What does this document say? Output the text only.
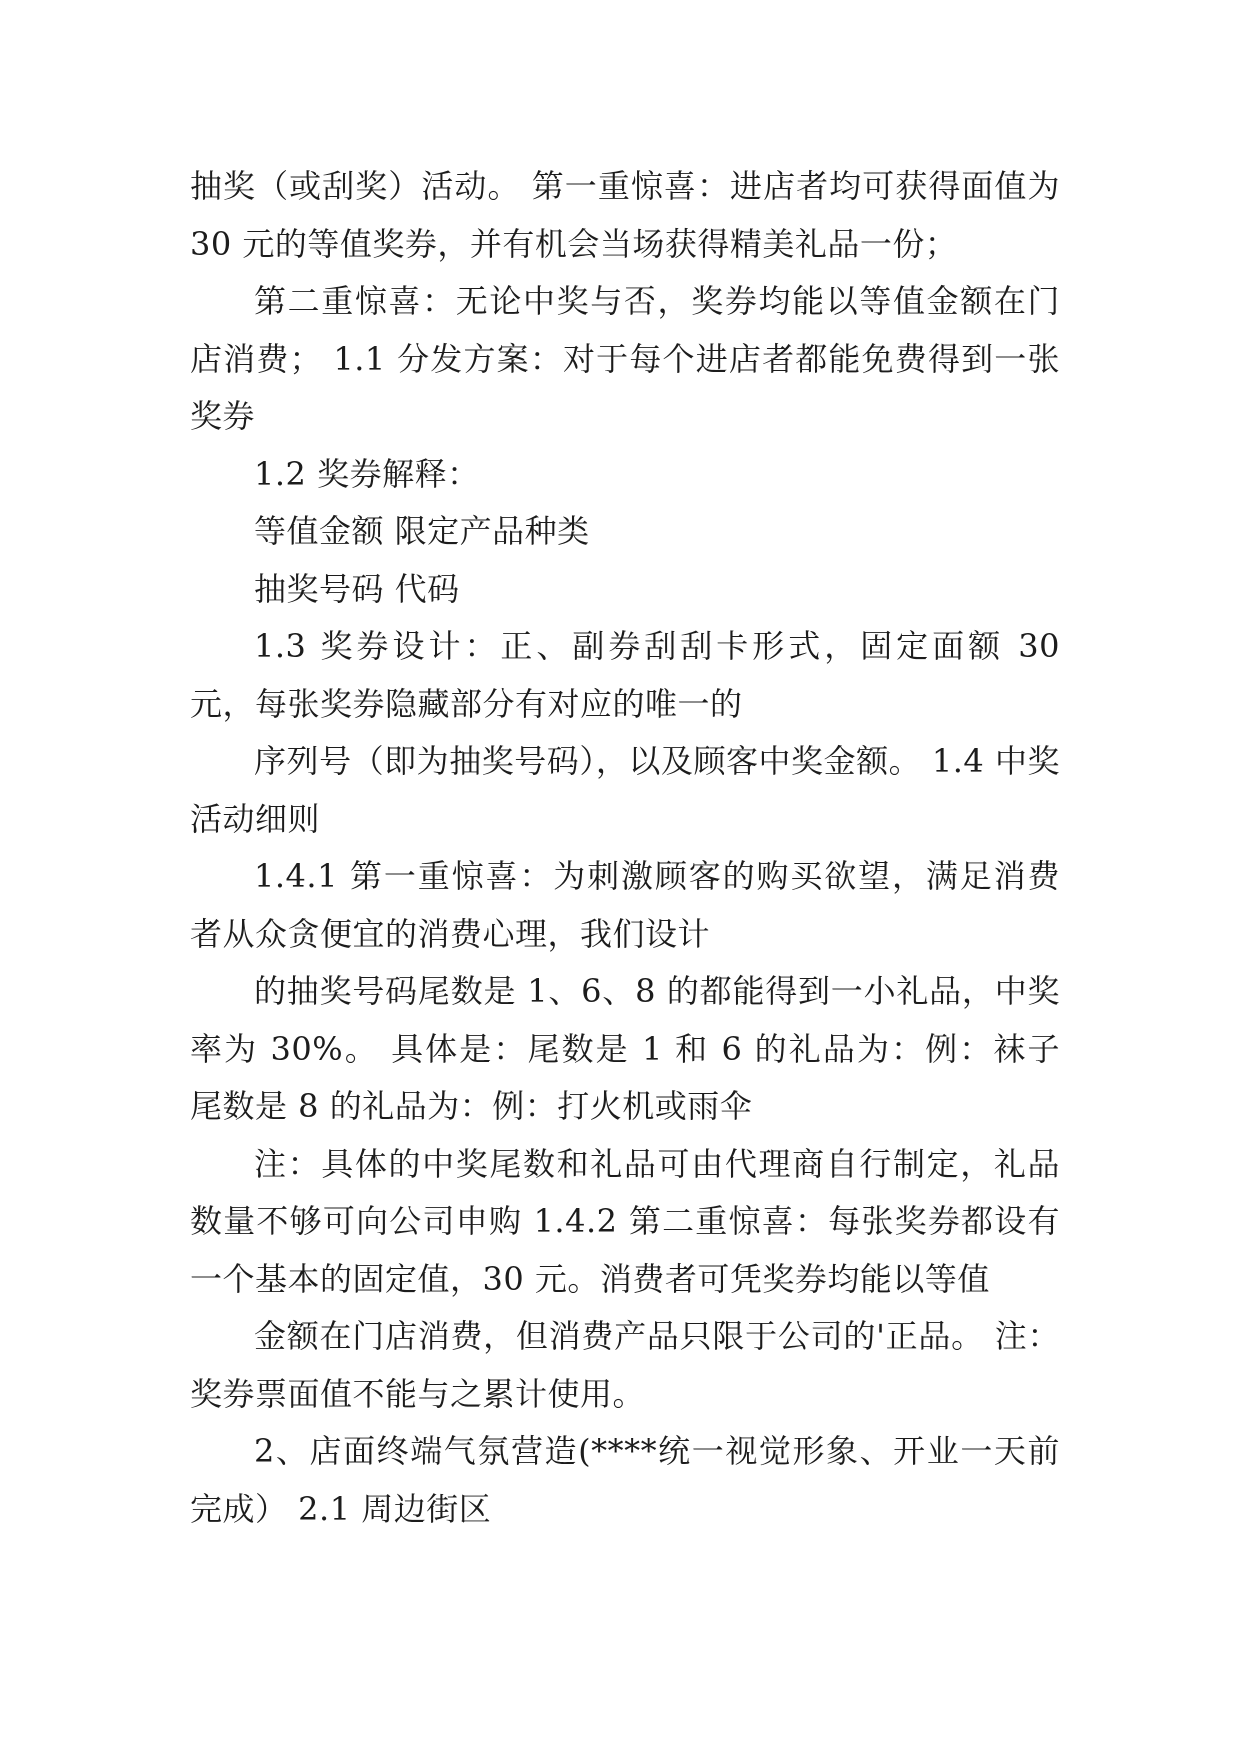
抽奖（或刮奖）活动。 第一重惊喜：进店者均可获得面值为 30 元的等值奖券，并有机会当场获得精美礼品一份；

第二重惊喜：无论中奖与否，奖券均能以等值金额在门店消费； 1.1 分发方案：对于每个进店者都能免费得到一张奖券

1.2 奖券解释：

等值金额 限定产品种类

抽奖号码 代码

1.3 奖券设计：正、副券刮刮卡形式，固定面额 30 元，每张奖券隐藏部分有对应的唯一的

序列号（即为抽奖号码），以及顾客中奖金额。 1.4 中奖活动细则

1.4.1 第一重惊喜：为刺激顾客的购买欲望，满足消费者从众贪便宜的消费心理，我们设计

的抽奖号码尾数是 1、6、8 的都能得到一小礼品，中奖率为 30%。 具体是：尾数是 1 和 6 的礼品为：例：袜子 尾数是 8 的礼品为：例：打火机或雨伞

注：具体的中奖尾数和礼品可由代理商自行制定，礼品数量不够可向公司申购 1.4.2 第二重惊喜：每张奖券都设有一个基本的固定值，30 元。消费者可凭奖券均能以等值

金额在门店消费，但消费产品只限于公司的'正品。 注：奖券票面值不能与之累计使用。

2、店面终端气氛营造(****统一视觉形象、开业一天前完成） 2.1 周边街区
